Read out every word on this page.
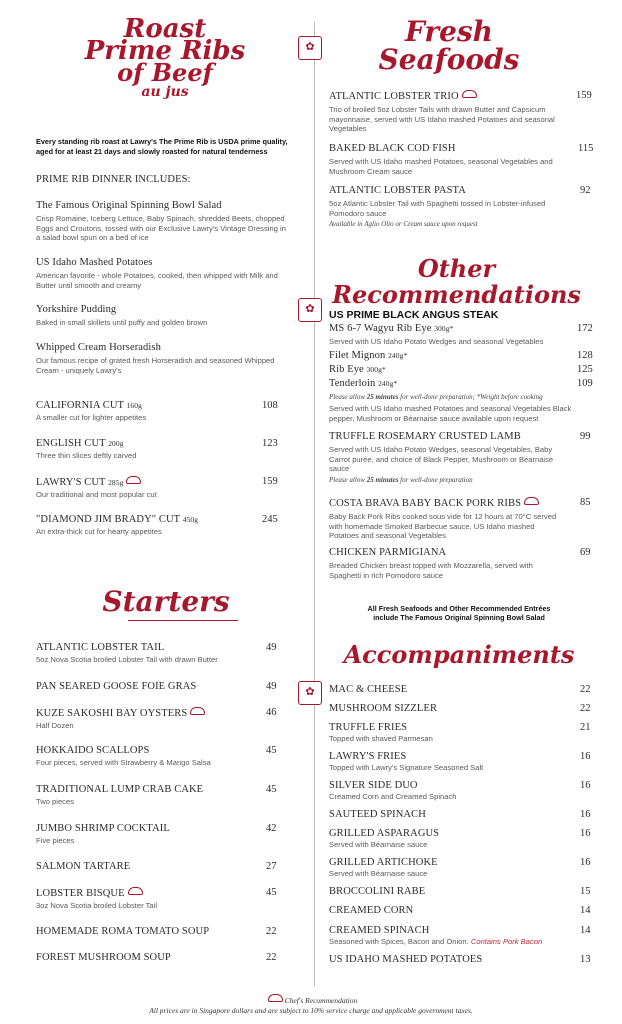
✿
✿
✿
Roast
Prime Ribs
of Beef
au jus
Every standing rib roast at Lawry's The Prime Rib is USDA prime quality, aged for at least 21 days and slowly roasted for natural tenderness
PRIME RIB DINNER INCLUDES:
The Famous Original Spinning Bowl Salad
Crisp Romaine, Iceberg Lettuce, Baby Spinach, shredded Beets, chopped Eggs and Croutons, tossed with our Exclusive Lawry's Vintage Dressing in a salad bowl spun on a bed of ice
US Idaho Mashed Potatoes
American favorite - whole Potatoes, cooked, then whipped with Milk and Butter until smooth and creamy
Yorkshire Pudding
Baked in small skillets until puffy and golden brown
Whipped Cream Horseradish
Our famous recipe of grated fresh Horseradish and seasoned Whipped Cream - uniquely Lawry's
CALIFORNIA CUT 160g
A smaller cut for lighter appetites
108
ENGLISH CUT 200g
Three thin slices deftly carved
123
LAWRY'S CUT 285g
Our traditional and most popular cut
159
"DIAMOND JIM BRADY" CUT 450g
An extra-thick cut for hearty appetites
245
Starters
ATLANTIC LOBSTER TAIL
5oz Nova Scotia broiled Lobster Tail with drawn Butter
49
PAN SEARED GOOSE FOIE GRAS	49
KUZE SAKOSHI BAY OYSTERS
Half Dozen
46
HOKKAIDO SCALLOPS
Four pieces, served with Strawberry & Mango Salsa
45
TRADITIONAL LUMP CRAB CAKE
Two pieces
45
JUMBO SHRIMP COCKTAIL
Five pieces
42
SALMON TARTARE	27
LOBSTER BISQUE
3oz Nova Scotia broiled Lobster Tail
45
HOMEMADE ROMA TOMATO SOUP	22
FOREST MUSHROOM SOUP	22
Fresh
Seafoods
ATLANTIC LOBSTER TRIO
Trio of broiled 5oz Lobster Tails with drawn Butter and Capsicum mayonnaise, served with US Idaho mashed Potatoes and seasonal Vegetables
159
BAKED BLACK COD FISH
Served with US Idaho mashed Potatoes, seasonal Vegetables and Mushroom Cream sauce
115
ATLANTIC LOBSTER PASTA
5oz Atlantic Lobster Tail with Spaghetti tossed in Lobster-infused Pomodoro sauce
Available in Aglio Olio or Cream sauce upon request
92
Other
Recommendations
US PRIME BLACK ANGUS STEAK
MS 6-7 Wagyu Rib Eye 300g*
Served with US Idaho Potato Wedges and seasonal Vegetables
172
Filet Mignon 240g*	128
Rib Eye 300g*	125
Tenderloin 240g*	109
Please allow 25 minutes for well-done preparation; *Weight before cooking
Served with US Idaho mashed Potatoes and seasonal Vegetables Black pepper, Mushroom or Béarnaise sauce available upon request
TRUFFLE ROSEMARY CRUSTED LAMB
Served with US Idaho Potato Wedges, seasonal Vegetables, Baby Carrot purée, and choice of Black Pepper, Mushroom or Béarnaise sauce
Please allow 25 minutes for well-done preparation
99
COSTA BRAVA BABY BACK PORK RIBS
Baby Back Pork Ribs cooked sous vide for 12 hours at 70°C served with homemade Smoked Barbecue sauce, US Idaho mashed Potatoes and seasonal Vegetables
85
CHICKEN PARMIGIANA
Breaded Chicken breast topped with Mozzarella, served with Spaghetti in rich Pomodoro sauce
69
All Fresh Seafoods and Other Recommended Entrées include The Famous Original Spinning Bowl Salad
Accompaniments
MAC & CHEESE	22
MUSHROOM SIZZLER	22
TRUFFLE FRIES
Topped with shaved Parmesan
21
LAWRY'S FRIES
Topped with Lawry's Signature Seasoned Salt
16
SILVER SIDE DUO
Creamed Corn and Creamed Spinach
16
SAUTEED SPINACH	16
GRILLED ASPARAGUS
Served with Béarnaise sauce
16
GRILLED ARTICHOKE
Served with Béarnaise sauce
16
BROCCOLINI RABE	15
CREAMED CORN	14
CREAMED SPINACH
Seasoned with Spices, Bacon and Onion. Contains Pork Bacon
14
US IDAHO MASHED POTATOES	13
Chef's Recommendation
All prices are in Singapore dollars and are subject to 10% service charge and applicable government taxes.
